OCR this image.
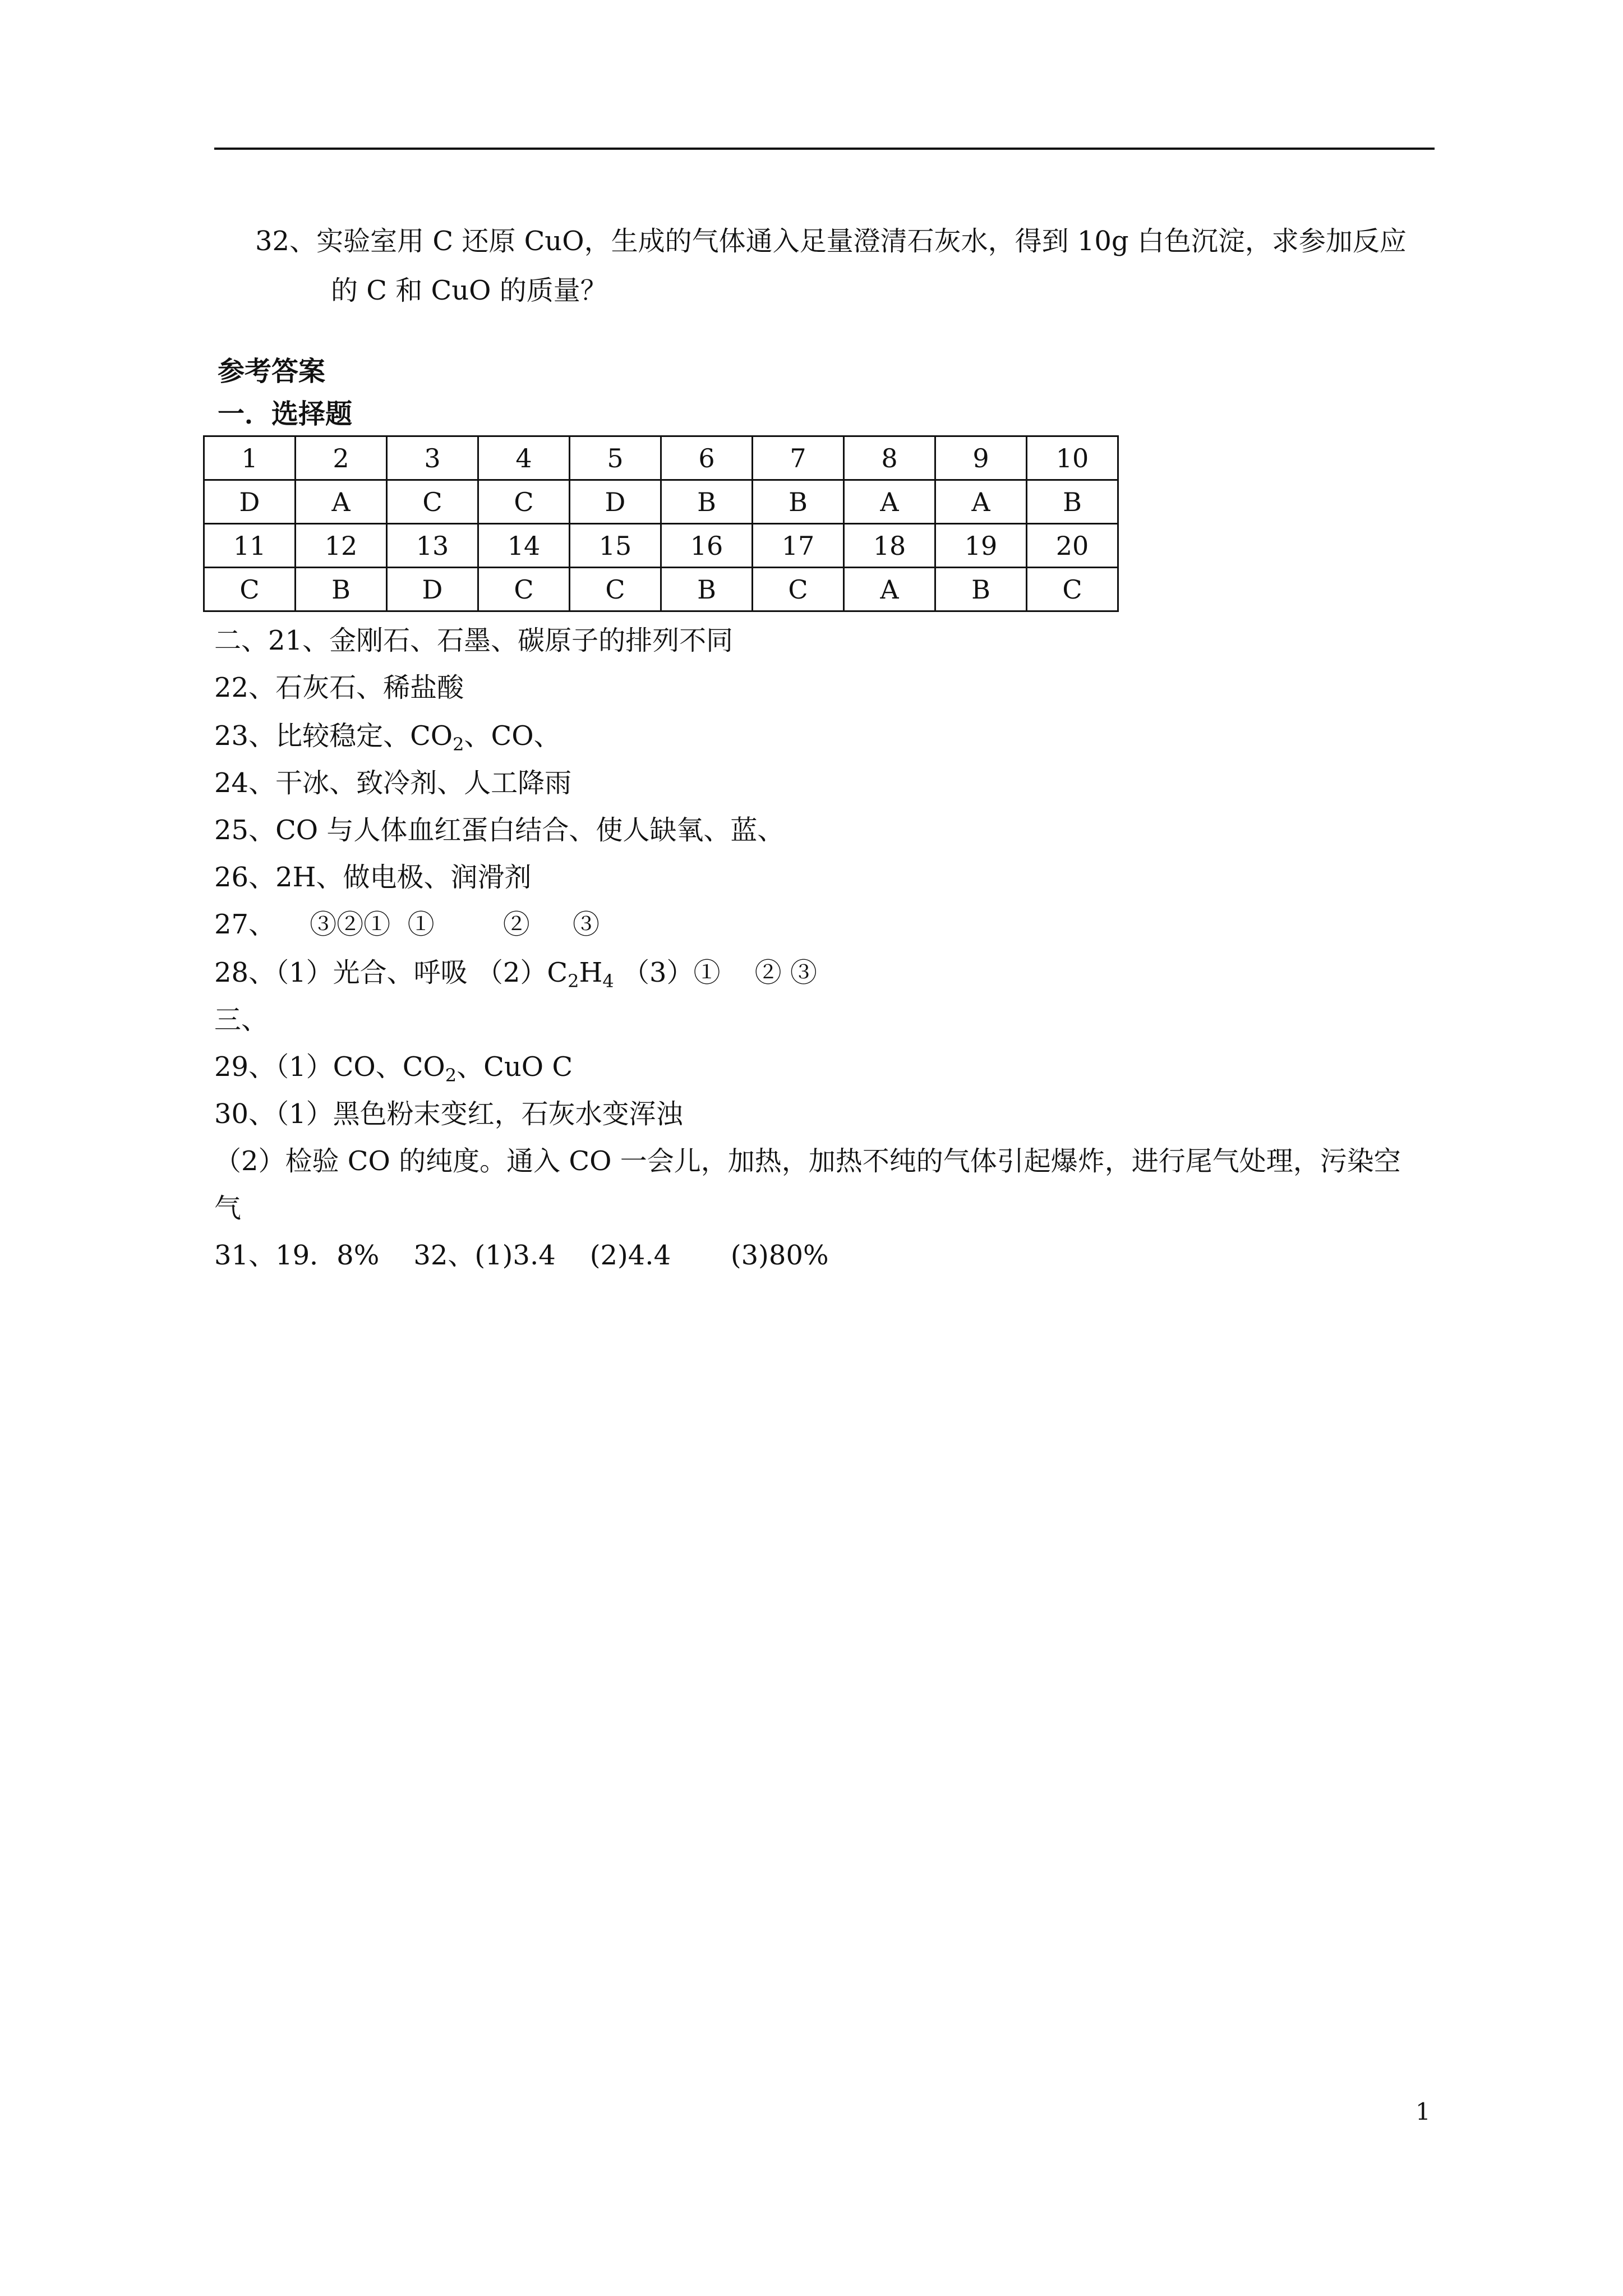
32、实验室用 C 还原 CuO，生成的气体通入足量澄清石灰水，得到 10g 白色沉淀，求参加反应
的 C 和 CuO 的质量？
参考答案
一．选择题
1	2	3	4	5	6	7	8	9	10
D	A	C	C	D	B	B	A	A	B
11	12	13	14	15	16	17	18	19	20
C	B	D	C	C	B	C	A	B	C
二、21、金刚石、石墨、碳原子的排列不同
22、石灰石、稀盐酸
23、比较稳定、$CO_2$、CO、
24、干冰、致冷剂、人工降雨
25、CO 与人体血红蛋白结合、使人缺氧、蓝、
26、2H、做电极、润滑剂
27、    ③②①  ①        ②     ③
28、（1）光合、呼吸 $(2)C_2H_4$ （3）①    ② ③
三、
29、（1）CO、$CO_2$、CuO C
30、（1）黑色粉末变红，石灰水变浑浊
（2）检验 CO 的纯度。通入 CO 一会儿，加热，加热不纯的气体引起爆炸，进行尾气处理，污染空
气
31、19．8%    32、(1)3.4    (2)4.4       (3)80%
1
